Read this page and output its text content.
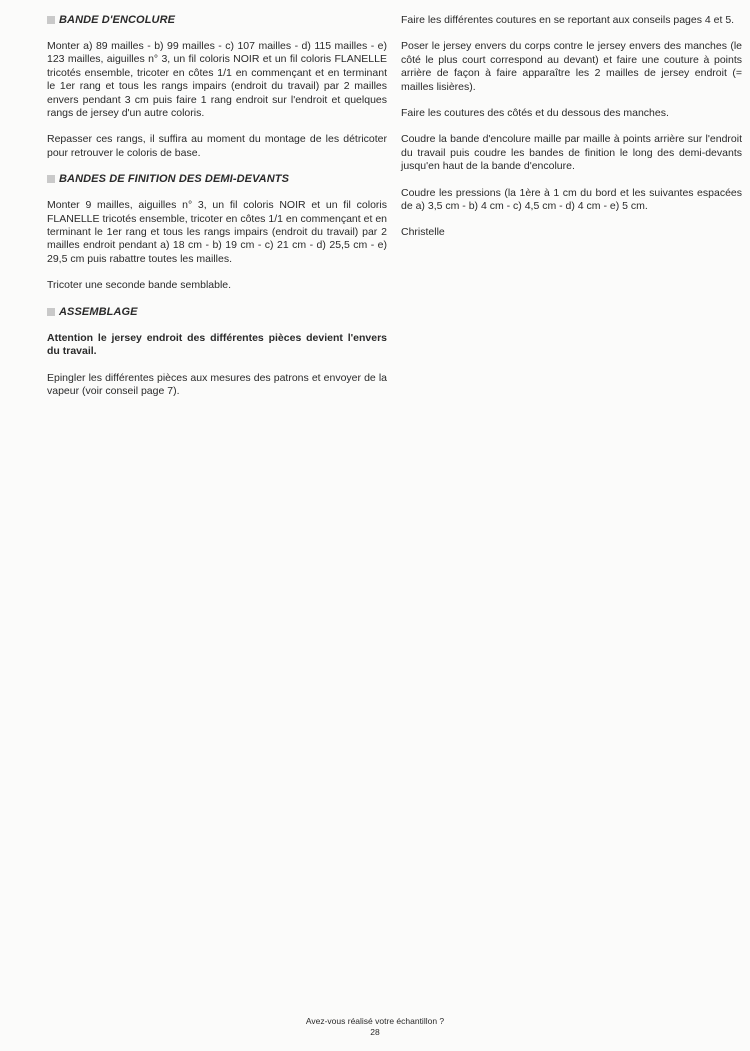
BANDE D'ENCOLURE

Monter a) 89 mailles - b) 99 mailles - c) 107 mailles - d) 115 mailles - e) 123 mailles, aiguilles n° 3, un fil coloris NOIR et un fil coloris FLANELLE tricotés ensemble, tricoter en côtes 1/1 en commençant et en terminant le 1er rang et tous les rangs impairs (endroit du travail) par 2 mailles envers pendant 3 cm puis faire 1 rang endroit sur l'endroit et quelques rangs de jersey d'un autre coloris.

Repasser ces rangs, il suffira au moment du montage de les détricoter pour retrouver le coloris de base.

BANDES DE FINITION DES DEMI-DEVANTS

Monter 9 mailles, aiguilles n° 3, un fil coloris NOIR et un fil coloris FLANELLE tricotés ensemble, tricoter en côtes 1/1 en commençant et en terminant le 1er rang et tous les rangs impairs (endroit du travail) par 2 mailles endroit pendant a) 18 cm - b) 19 cm - c) 21 cm - d) 25,5 cm - e) 29,5 cm puis rabattre toutes les mailles.

Tricoter une seconde bande semblable.

ASSEMBLAGE

Attention le jersey endroit des différentes pièces devient l'envers du travail.

Epingler les différentes pièces aux mesures des patrons et envoyer de la vapeur (voir conseil page 7).

Faire les différentes coutures en se reportant aux conseils pages 4 et 5.

Poser le jersey envers du corps contre le jersey envers des manches (le côté le plus court correspond au devant) et faire une couture à points arrière de façon à faire apparaître les 2 mailles de jersey endroit (= mailles lisières).

Faire les coutures des côtés et du dessous des manches.

Coudre la bande d'encolure maille par maille à points arrière sur l'endroit du travail puis coudre les bandes de finition le long des demi-devants jusqu'en haut de la bande d'encolure.

Coudre les pressions (la 1ère à 1 cm du bord et les suivantes espacées de a) 3,5 cm - b) 4 cm - c) 4,5 cm - d) 4 cm - e) 5 cm.

Christelle

Avez-vous réalisé votre échantillon ?
28
